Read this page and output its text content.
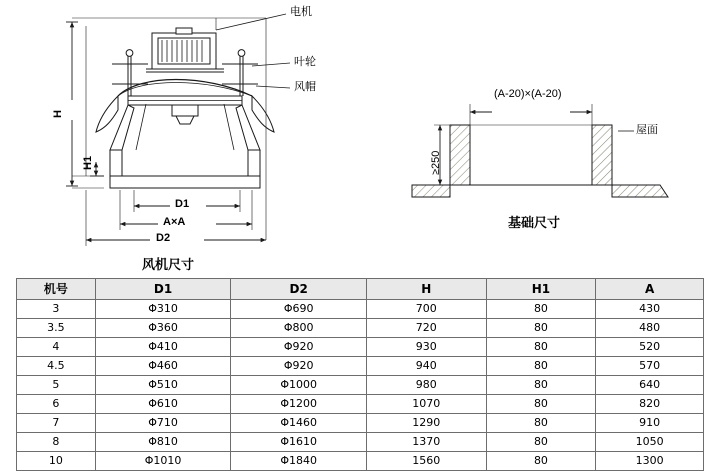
电机
叶轮
风帽
H
H1
D1
A×A
D2
风机尺寸
(A-20)×(A-20)
≥250
屋面
基础尺寸
机号	D1	D2	H	H1	A
3	Φ310	Φ690	700	80	430
3.5	Φ360	Φ800	720	80	480
4	Φ410	Φ920	930	80	520
4.5	Φ460	Φ920	940	80	570
5	Φ510	Φ1000	980	80	640
6	Φ610	Φ1200	1070	80	820
7	Φ710	Φ1460	1290	80	910
8	Φ810	Φ1610	1370	80	1050
10	Φ1010	Φ1840	1560	80	1300
